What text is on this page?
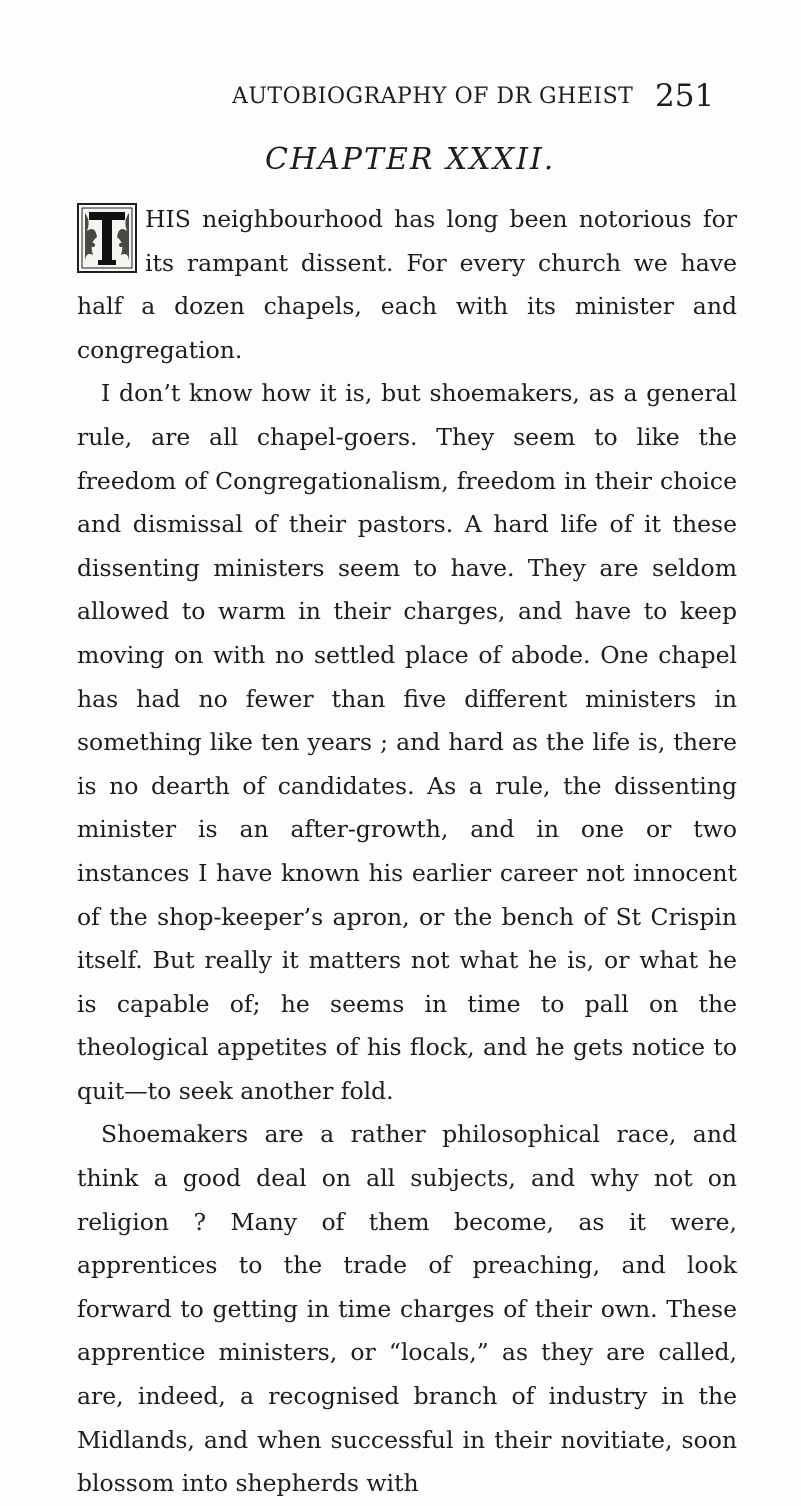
AUTOBIOGRAPHY OF DR GHEIST 251
CHAPTER XXXII.

HIS neighbourhood has long been notorious for its rampant dissent. For every church we have half a dozen chapels, each with its minister and congregation.

I don’t know how it is, but shoemakers, as a general rule, are all chapel-goers. They seem to like the freedom of Congregationalism, freedom in their choice and dismissal of their pastors. A hard life of it these dissenting ministers seem to have. They are seldom allowed to warm in their charges, and have to keep moving on with no settled place of abode. One chapel has had no fewer than five different ministers in something like ten years ; and hard as the life is, there is no dearth of candidates. As a rule, the dissenting minister is an after-growth, and in one or two instances I have known his earlier career not innocent of the shop-keeper’s apron, or the bench of St Crispin itself. But really it matters not what he is, or what he is capable of; he seems in time to pall on the theological appetites of his flock, and he gets notice to quit—to seek another fold.

Shoemakers are a rather philosophical race, and think a good deal on all subjects, and why not on religion ? Many of them become, as it were, apprentices to the trade of preaching, and look forward to getting in time charges of their own. These apprentice ministers, or “locals,” as they are called, are, indeed, a recognised branch of industry in the Midlands, and when successful in their novitiate, soon blossom into shepherds with
